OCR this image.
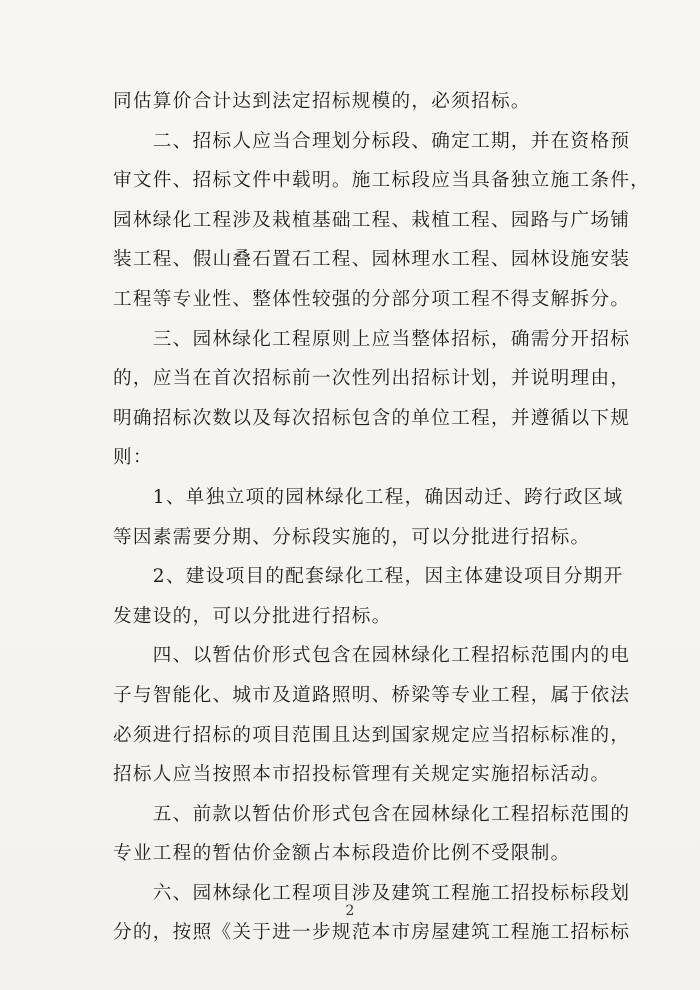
同估算价合计达到法定招标规模的，必须招标。
　　二、招标人应当合理划分标段、确定工期，并在资格预
审文件、招标文件中载明。施工标段应当具备独立施工条件，
园林绿化工程涉及栽植基础工程、栽植工程、园路与广场铺
装工程、假山叠石置石工程、园林理水工程、园林设施安装
工程等专业性、整体性较强的分部分项工程不得支解拆分。
　　三、园林绿化工程原则上应当整体招标，确需分开招标
的，应当在首次招标前一次性列出招标计划，并说明理由，
明确招标次数以及每次招标包含的单位工程，并遵循以下规
则：
　　1、单独立项的园林绿化工程，确因动迁、跨行政区域
等因素需要分期、分标段实施的，可以分批进行招标。
　　2、建设项目的配套绿化工程，因主体建设项目分期开
发建设的，可以分批进行招标。
　　四、以暂估价形式包含在园林绿化工程招标范围内的电
子与智能化、城市及道路照明、桥梁等专业工程，属于依法
必须进行招标的项目范围且达到国家规定应当招标标准的，
招标人应当按照本市招投标管理有关规定实施招标活动。
　　五、前款以暂估价形式包含在园林绿化工程招标范围的
专业工程的暂估价金额占本标段造价比例不受限制。
　　六、园林绿化工程项目涉及建筑工程施工招投标标段划
分的，按照《关于进一步规范本市房屋建筑工程施工招标标
2
